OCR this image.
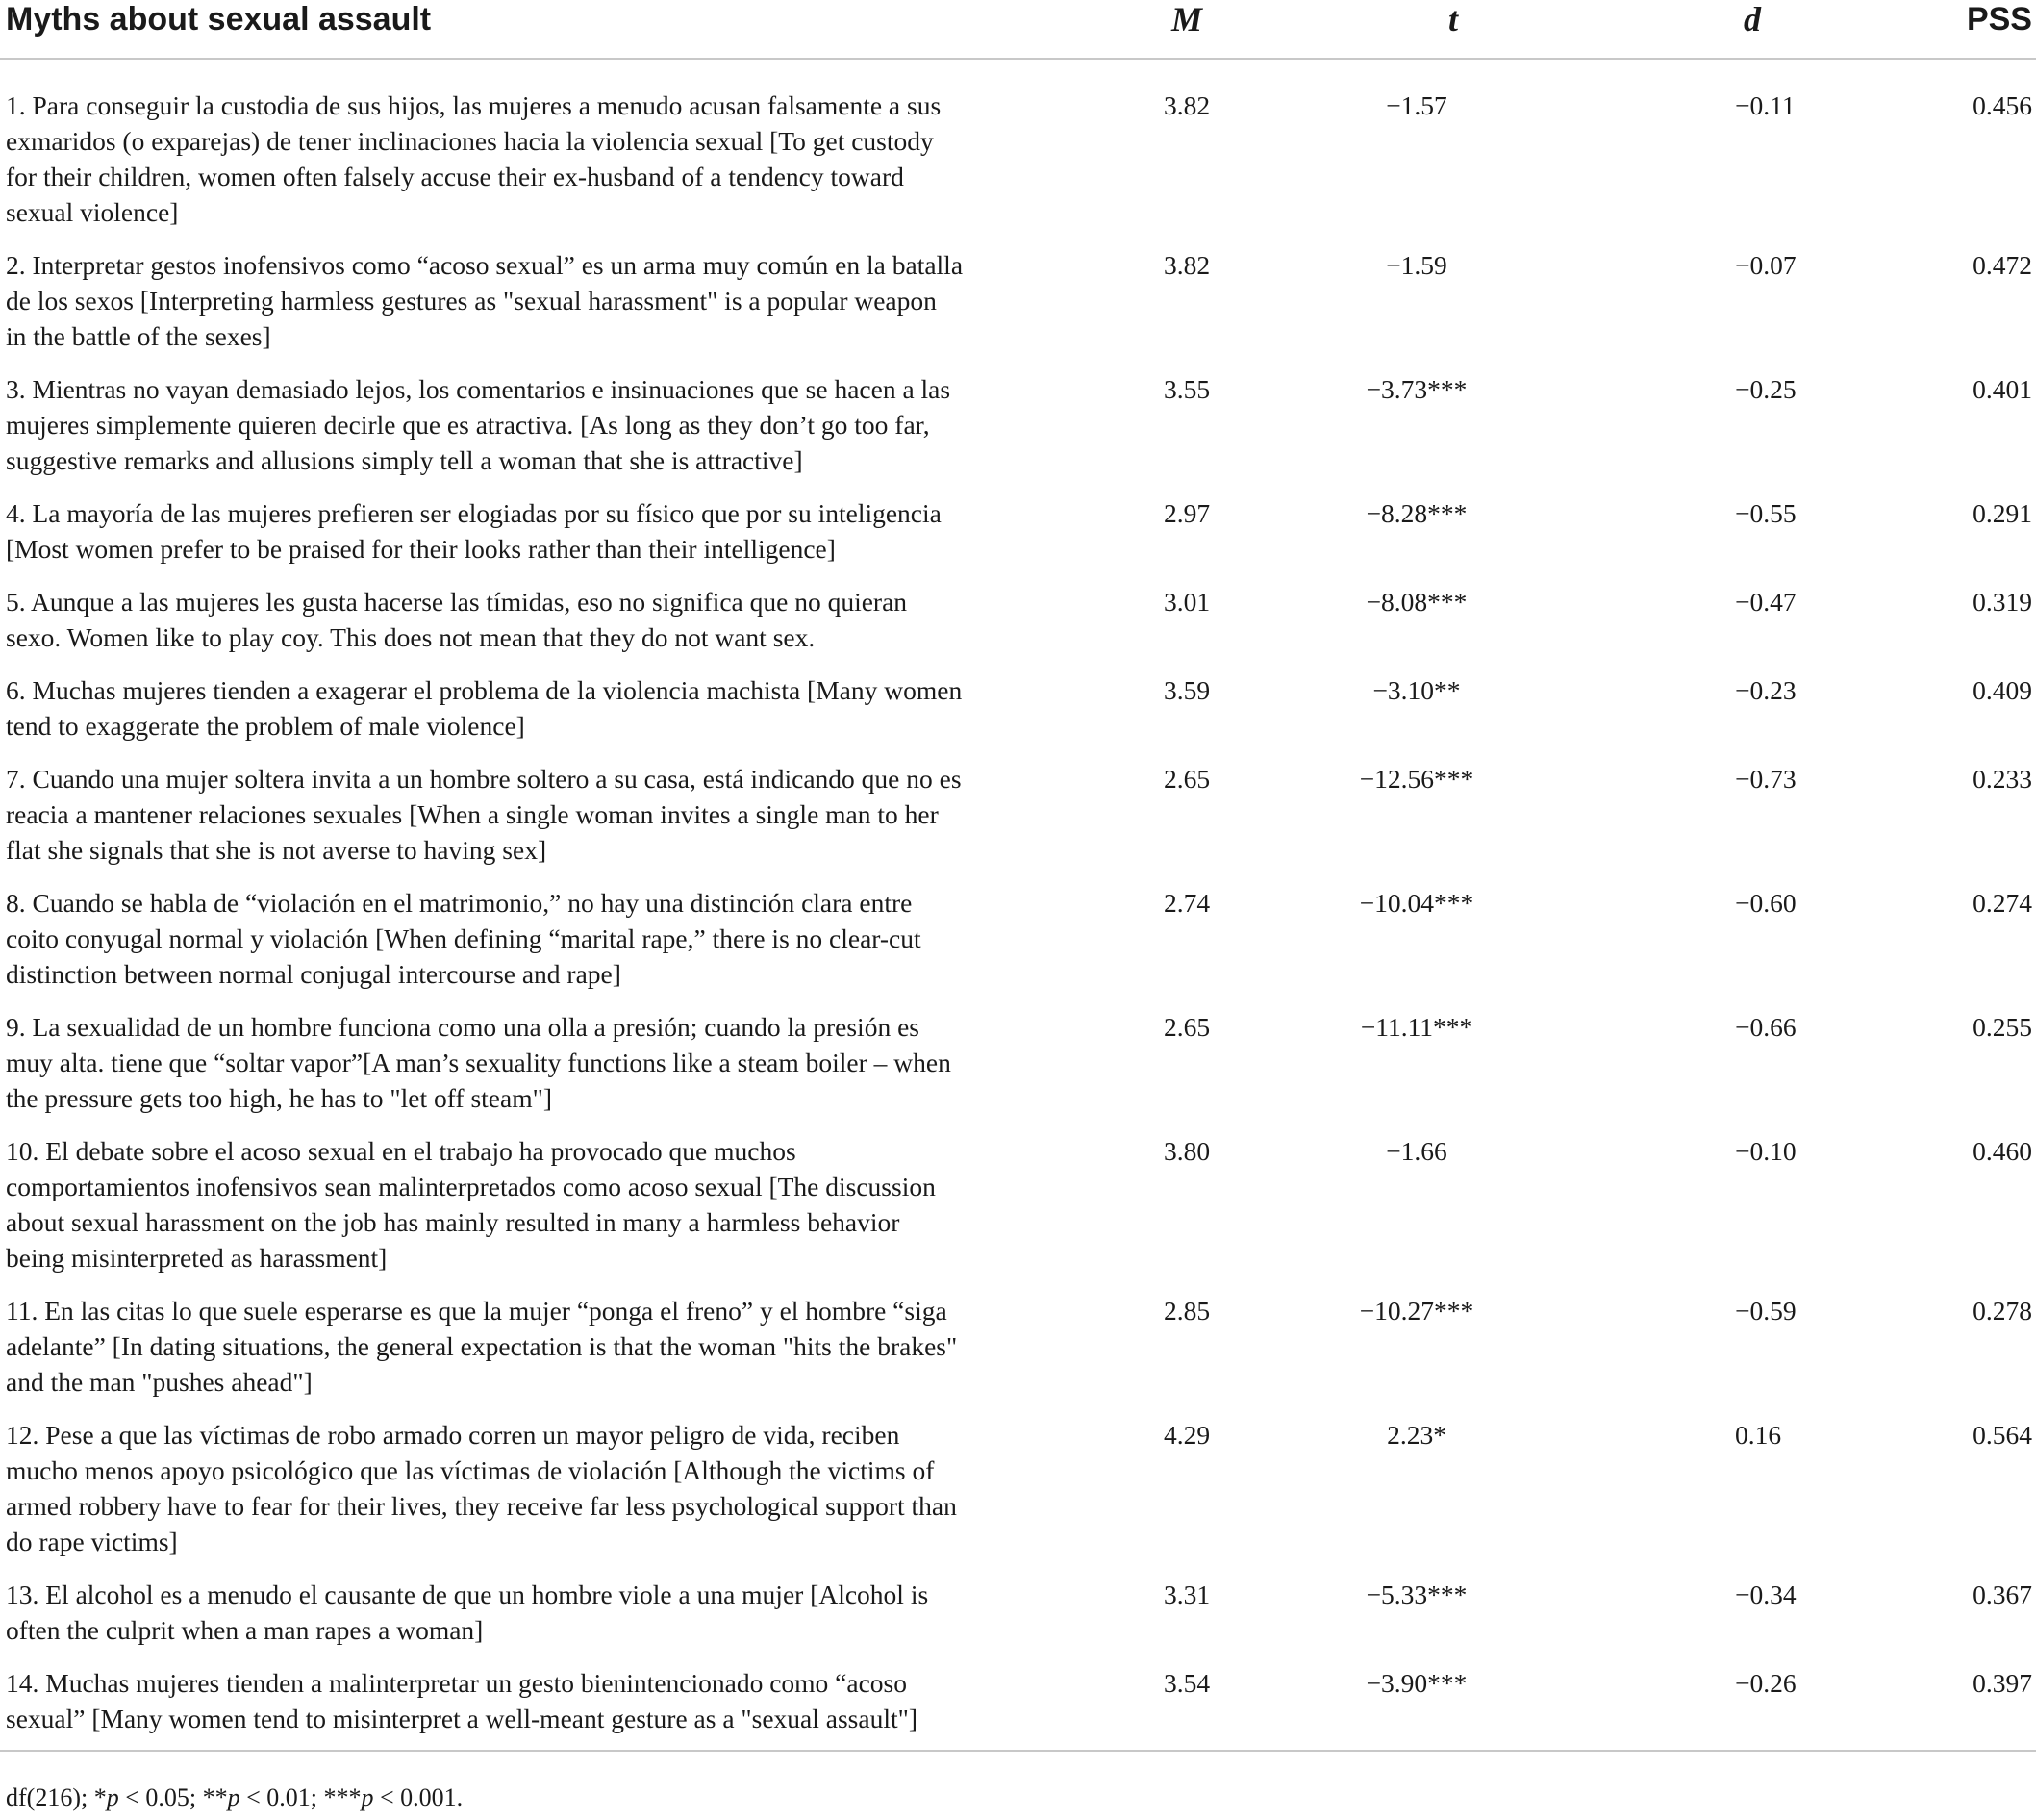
Myths about sexual assault	M	t	d	PSS
1. Para conseguir la custodia de sus hijos, las mujeres a menudo acusan falsamente a sus exmaridos (o exparejas) de tener inclinaciones hacia la violencia sexual [To get custody for their children, women often falsely accuse their ex-husband of a tendency toward sexual violence]	3.82	−1.57	−0.11	0.456
2. Interpretar gestos inofensivos como “acoso sexual” es un arma muy común en la batalla de los sexos [Interpreting harmless gestures as "sexual harassment" is a popular weapon in the battle of the sexes]	3.82	−1.59	−0.07	0.472
3. Mientras no vayan demasiado lejos, los comentarios e insinuaciones que se hacen a las mujeres simplemente quieren decirle que es atractiva. [As long as they don’t go too far, suggestive remarks and allusions simply tell a woman that she is attractive]	3.55	−3.73***	−0.25	0.401
4. La mayoría de las mujeres prefieren ser elogiadas por su físico que por su inteligencia [Most women prefer to be praised for their looks rather than their intelligence]	2.97	−8.28***	−0.55	0.291
5. Aunque a las mujeres les gusta hacerse las tímidas, eso no significa que no quieran sexo. Women like to play coy. This does not mean that they do not want sex.	3.01	−8.08***	−0.47	0.319
6. Muchas mujeres tienden a exagerar el problema de la violencia machista [Many women tend to exaggerate the problem of male violence]	3.59	−3.10**	−0.23	0.409
7. Cuando una mujer soltera invita a un hombre soltero a su casa, está indicando que no es reacia a mantener relaciones sexuales [When a single woman invites a single man to her flat she signals that she is not averse to having sex]	2.65	−12.56***	−0.73	0.233
8. Cuando se habla de “violación en el matrimonio,” no hay una distinción clara entre coito conyugal normal y violación [When defining “marital rape,” there is no clear-cut distinction between normal conjugal intercourse and rape]	2.74	−10.04***	−0.60	0.274
9. La sexualidad de un hombre funciona como una olla a presión; cuando la presión es muy alta. tiene que “soltar vapor”[A man’s sexuality functions like a steam boiler – when the pressure gets too high, he has to "let off steam"]	2.65	−11.11***	−0.66	0.255
10. El debate sobre el acoso sexual en el trabajo ha provocado que muchos comportamientos inofensivos sean malinterpretados como acoso sexual [The discussion about sexual harassment on the job has mainly resulted in many a harmless behavior being misinterpreted as harassment]	3.80	−1.66	−0.10	0.460
11. En las citas lo que suele esperarse es que la mujer “ponga el freno” y el hombre “siga adelante” [In dating situations, the general expectation is that the woman "hits the brakes" and the man "pushes ahead"]	2.85	−10.27***	−0.59	0.278
12. Pese a que las víctimas de robo armado corren un mayor peligro de vida, reciben mucho menos apoyo psicológico que las víctimas de violación [Although the victims of armed robbery have to fear for their lives, they receive far less psychological support than do rape victims]	4.29	2.23*	0.16	0.564
13. El alcohol es a menudo el causante de que un hombre viole a una mujer [Alcohol is often the culprit when a man rapes a woman]	3.31	−5.33***	−0.34	0.367
14. Muchas mujeres tienden a malinterpretar un gesto bienintencionado como “acoso sexual” [Many women tend to misinterpret a well-meant gesture as a "sexual assault"]	3.54	−3.90***	−0.26	0.397
df(216); *p < 0.05; **p < 0.01; ***p < 0.001.
